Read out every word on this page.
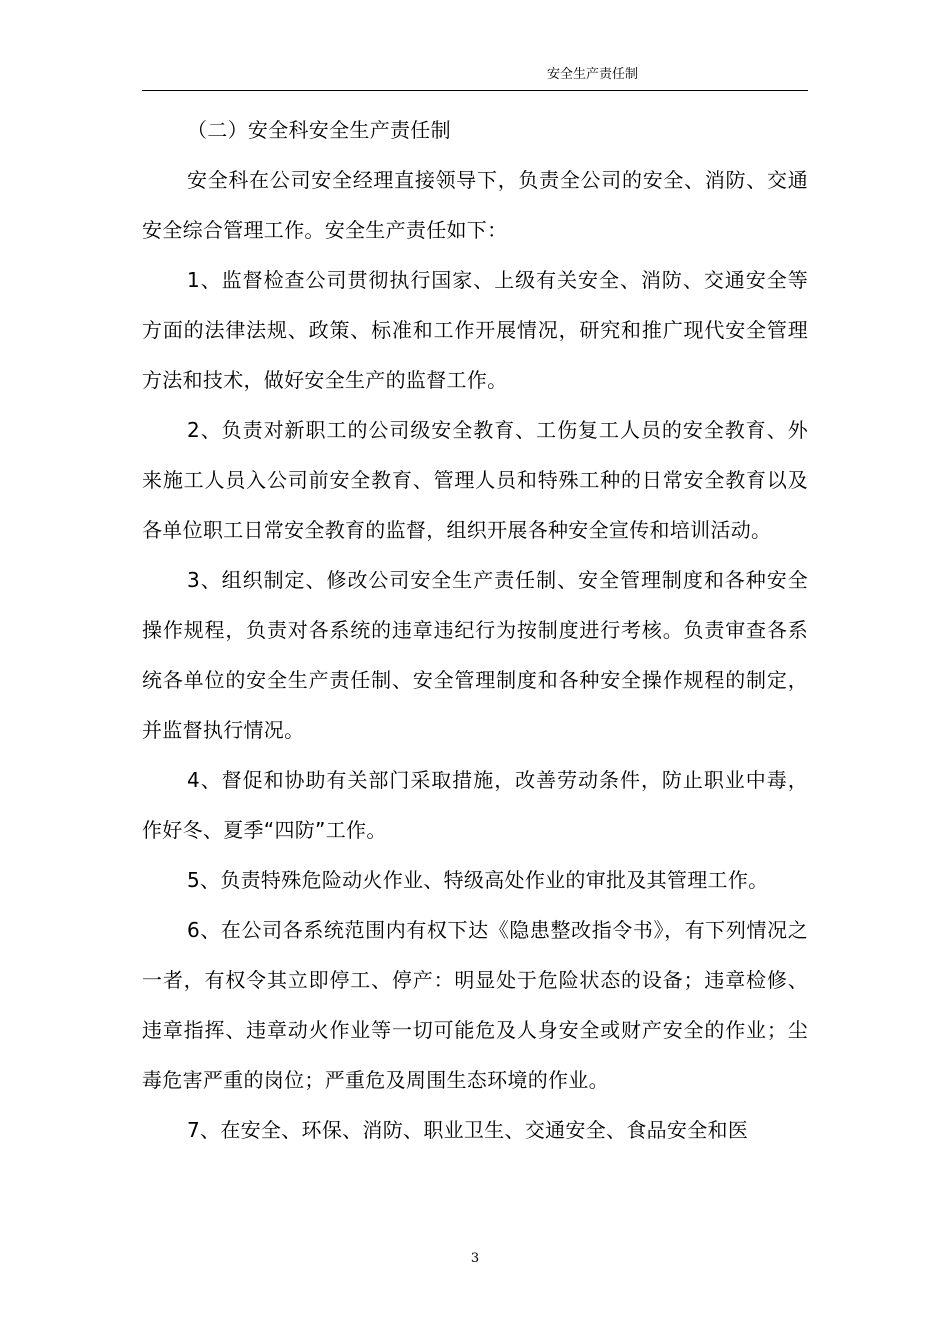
安全生产责任制

（二）安全科安全生产责任制

安全科在公司安全经理直接领导下，负责全公司的安全、消防、交通安全综合管理工作。安全生产责任如下：

1、监督检查公司贯彻执行国家、上级有关安全、消防、交通安全等方面的法律法规、政策、标准和工作开展情况，研究和推广现代安全管理方法和技术，做好安全生产的监督工作。

2、负责对新职工的公司级安全教育、工伤复工人员的安全教育、外来施工人员入公司前安全教育、管理人员和特殊工种的日常安全教育以及各单位职工日常安全教育的监督，组织开展各种安全宣传和培训活动。

3、组织制定、修改公司安全生产责任制、安全管理制度和各种安全操作规程，负责对各系统的违章违纪行为按制度进行考核。负责审查各系统各单位的安全生产责任制、安全管理制度和各种安全操作规程的制定，并监督执行情况。

4、督促和协助有关部门采取措施，改善劳动条件，防止职业中毒，作好冬、夏季“四防”工作。

5、负责特殊危险动火作业、特级高处作业的审批及其管理工作。

6、在公司各系统范围内有权下达《隐患整改指令书》，有下列情况之一者，有权令其立即停工、停产：明显处于危险状态的设备；违章检修、违章指挥、违章动火作业等一切可能危及人身安全或财产安全的作业；尘毒危害严重的岗位；严重危及周围生态环境的作业。

7、在安全、环保、消防、职业卫生、交通安全、食品安全和医

3
